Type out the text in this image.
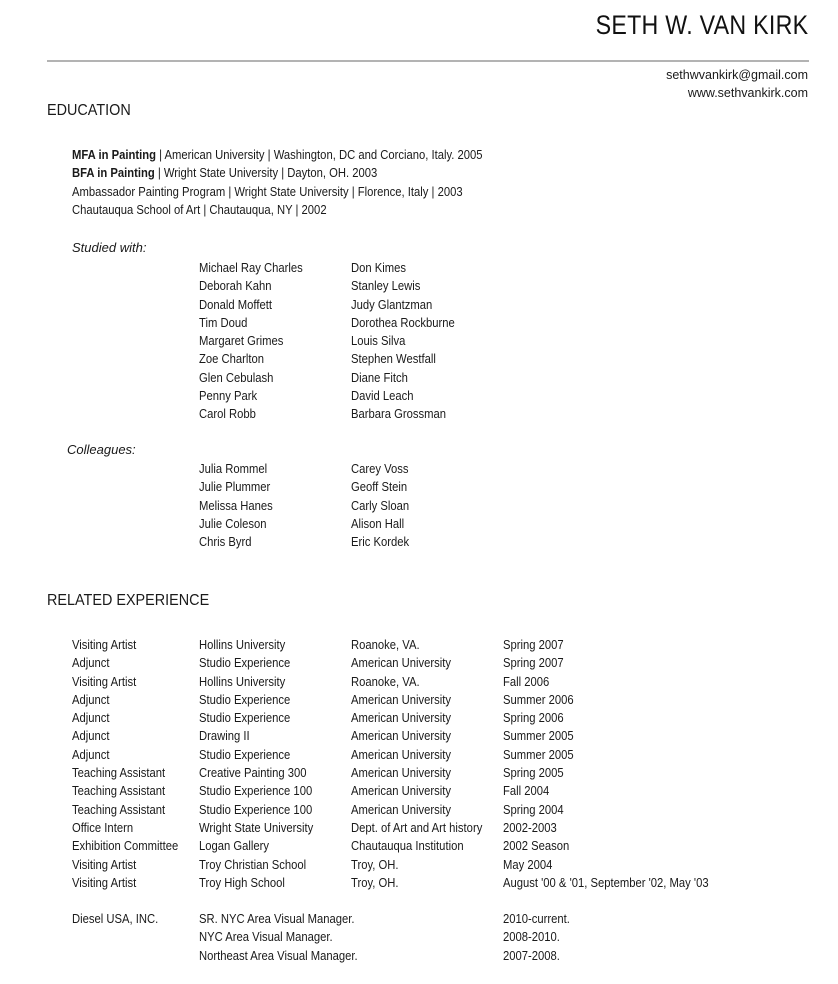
SETH W. VAN KIRK
sethwvankirk@gmail.com
www.sethvankirk.com
EDUCATION
MFA in Painting | American University | Washington, DC and Corciano, Italy. 2005
BFA in Painting | Wright State University | Dayton, OH. 2003
Ambassador Painting Program | Wright State University | Florence, Italy | 2003
Chautauqua School of Art | Chautauqua, NY | 2002
Studied with:
Michael Ray Charles
Deborah Kahn
Donald Moffett
Tim Doud
Margaret Grimes
Zoe Charlton
Glen Cebulash
Penny Park
Carol Robb
Don Kimes
Stanley Lewis
Judy Glantzman
Dorothea Rockburne
Louis Silva
Stephen Westfall
Diane Fitch
David Leach
Barbara Grossman
Colleagues:
Julia Rommel
Julie Plummer
Melissa Hanes
Julie Coleson
Chris Byrd
Carey Voss
Geoff Stein
Carly Sloan
Alison Hall
Eric Kordek
RELATED EXPERIENCE
Visiting Artist
Adjunct
Visiting Artist
Adjunct
Adjunct
Adjunct
Adjunct
Teaching Assistant
Teaching Assistant
Teaching Assistant
Office Intern
Exhibition Committee
Visiting Artist
Visiting Artist
Hollins University
Studio Experience
Hollins University
Studio Experience
Studio Experience
Drawing II
Studio Experience
Creative Painting 300
Studio Experience 100
Studio Experience 100
Wright State University
Logan Gallery
Troy Christian School
Troy High School
Roanoke, VA.
American University
Roanoke, VA.
American University
American University
American University
American University
American University
American University
American University
Dept. of Art and Art history
Chautauqua Institution
Troy, OH.
Troy, OH.
Spring 2007
Spring 2007
Fall 2006
Summer 2006
Spring 2006
Summer 2005
Summer 2005
Spring 2005
Fall 2004
Spring 2004
2002-2003
2002 Season
May 2004
August '00 & '01, September '02, May '03
Diesel USA, INC.	SR. NYC Area Visual Manager.
NYC Area Visual Manager.
Northeast Area Visual Manager.
2010-current.
2008-2010.
2007-2008.
